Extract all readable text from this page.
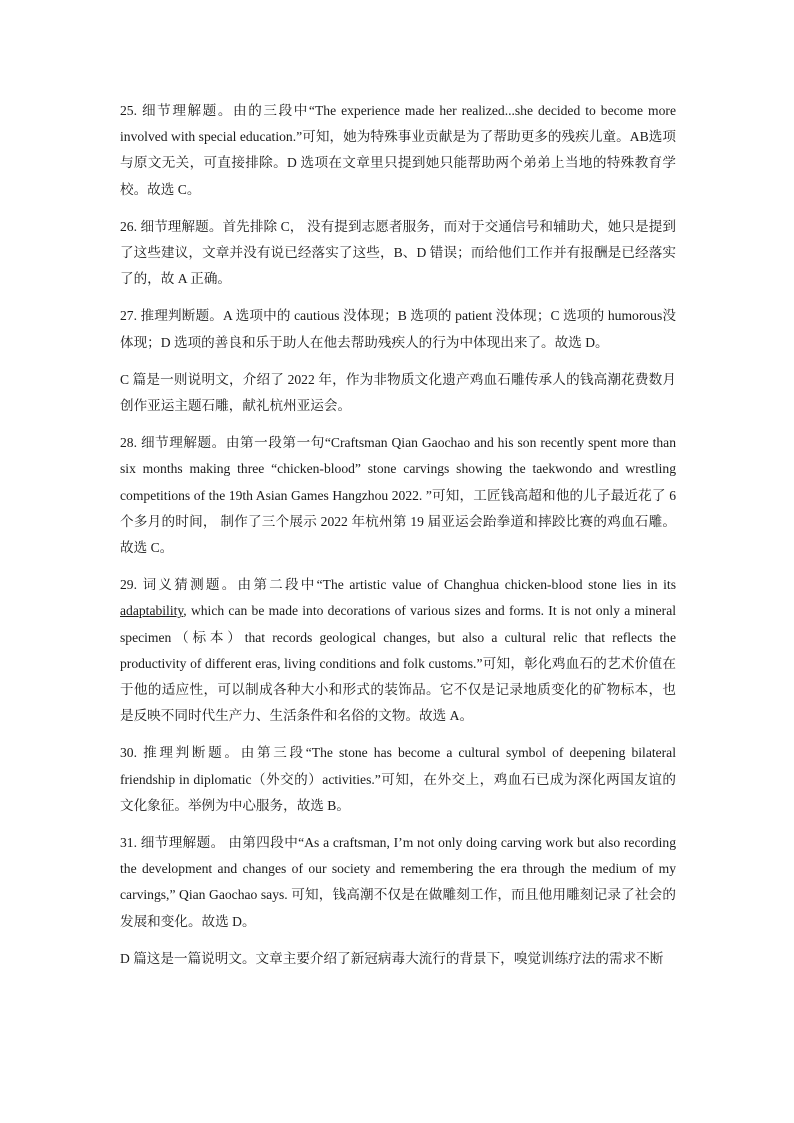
25. 细节理解题。由的三段中“The experience made her realized...she decided to become more involved with special education.”可知，她为特殊事业贡献是为了帮助更多的残疾儿童。AB选项与原文无关，可直接排除。D 选项在文章里只提到她只能帮助两个弟弟上当地的特殊教育学校。故选 C。

26. 细节理解题。首先排除 C， 没有提到志愿者服务，而对于交通信号和辅助犬，她只是提到了这些建议，文章并没有说已经落实了这些，B、D 错误；而给他们工作并有报酬是已经落实了的，故 A 正确。

27. 推理判断题。A 选项中的 cautious 没体现；B 选项的 patient 没体现；C 选项的 humorous没体现；D 选项的善良和乐于助人在他去帮助残疾人的行为中体现出来了。故选 D。

C 篇是一则说明文，介绍了 2022 年，作为非物质文化遗产鸡血石雕传承人的钱高潮花费数月创作亚运主题石雕，献礼杭州亚运会。

28. 细节理解题。由第一段第一句“Craftsman Qian Gaochao and his son recently spent more than six months making three “chicken-blood” stone carvings showing the taekwondo and wrestling competitions of the 19th Asian Games Hangzhou 2022. ”可知，工匠钱高超和他的儿子最近花了 6 个多月的时间， 制作了三个展示 2022 年杭州第 19 届亚运会跆拳道和摔跤比赛的鸡血石雕。故选 C。

29. 词义猜测题。由第二段中“The artistic value of Changhua chicken-blood stone lies in its adaptability, which can be made into decorations of various sizes and forms. It is not only a mineral specimen（标本）that records geological changes, but also a cultural relic that reflects the productivity of different eras, living conditions and folk customs.”可知，彰化鸡血石的艺术价值在于他的适应性，可以制成各种大小和形式的装饰品。它不仅是记录地质变化的矿物标本，也是反映不同时代生产力、生活条件和名俗的文物。故选 A。

30. 推理判断题。由第三段“The stone has become a cultural symbol of deepening bilateral friendship in diplomatic（外交的）activities.”可知，在外交上，鸡血石已成为深化两国友谊的文化象征。举例为中心服务，故选 B。

31. 细节理解题。 由第四段中“As a craftsman, I’m not only doing carving work but also recording the development and changes of our society and remembering the era through the medium of my carvings,” Qian Gaochao says. 可知，钱高潮不仅是在做雕刻工作，而且他用雕刻记录了社会的发展和变化。故选 D。

D 篇这是一篇说明文。文章主要介绍了新冠病毒大流行的背景下，嗅觉训练疗法的需求不断
